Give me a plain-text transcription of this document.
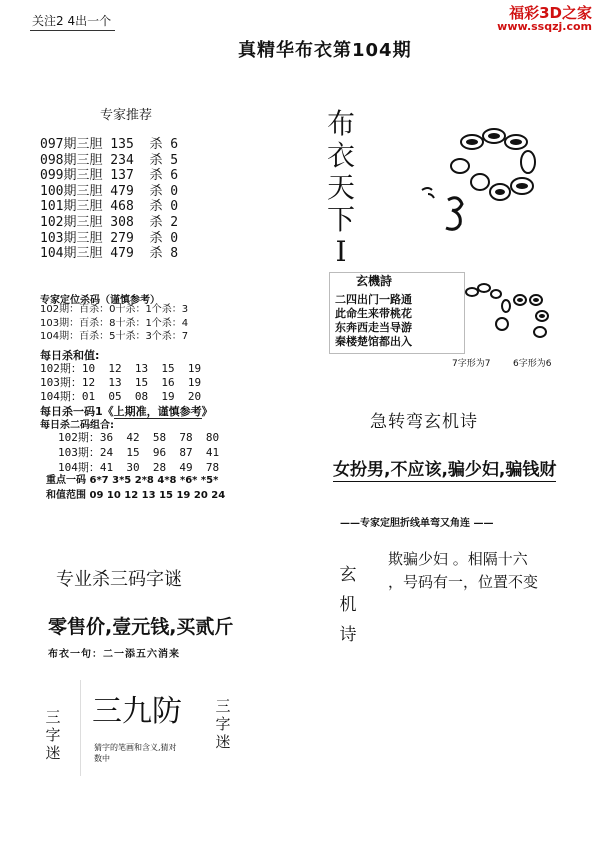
关注2 4出一个	福彩3D之家
www.ssqzj.com
真精华布衣第104期
专家推荐
097期三胆 135  杀 6
098期三胆 234  杀 5
099期三胆 137  杀 6
100期三胆 479  杀 0
101期三胆 468  杀 0
102期三胆 308  杀 2
103期三胆 279  杀 0
104期三胆 479  杀 8
专家定位杀码（谨慎参考）
102期：百杀：0十杀：1个杀：3
103期：百杀：8十杀：1个杀：4
104期：百杀：5十杀：3个杀：7
每日杀和值:
102期：10  12  13  15  19
103期：12  13  15  16  19
104期：01  05  08  19  20
每日杀一码1《上期准，谨慎参考》
每日杀二码组合:
102期：36  42  58  78  80
103期：24  15  96  87  41
104期：41  30  28  49  78
重点一码 6*7 3*5 2*8 4*8 *6* *5*
和值范围 09 10 12 13 15 19 20 24
专业杀三码字谜
零售价,壹元钱,买贰斤
布衣一句：二一添五六消来
三
字
迷
三九防
猜字的笔画和含义,猜对数中
三
字
迷
布
衣
天
下
I
玄機詩
二四出门一路通
此命生来带桃花
东奔西走当导游
秦楼楚馆都出入
7字形为7	6字形为6
急转弯玄机诗
女扮男,不应该,骗少妇,骗钱财
——专家定胆折线单弯又角连 ——
玄
机
诗
欺骗少妇 。相隔十六
，号码有一，位置不变
